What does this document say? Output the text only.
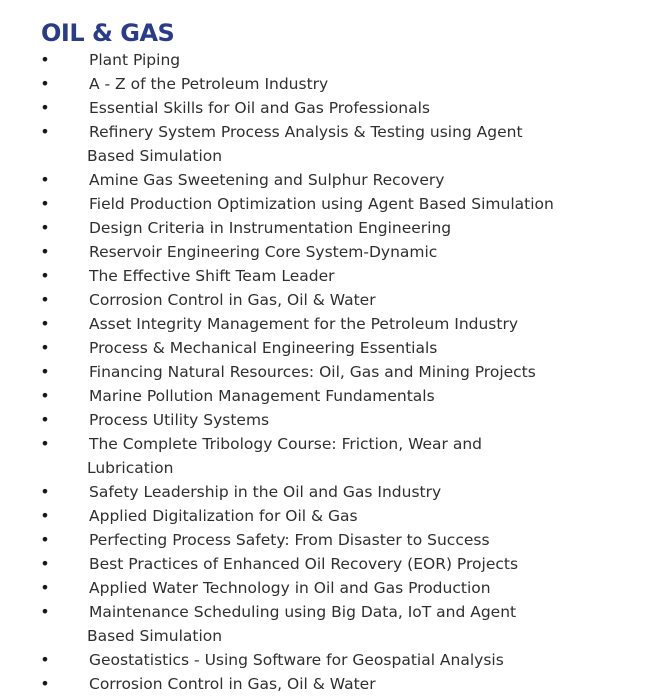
OIL & GAS
•	Plant Piping
•	A - Z of the Petroleum Industry
•	Essential Skills for Oil and Gas Professionals
•	Refinery System Process Analysis & Testing using Agent Based Simulation
•	Amine Gas Sweetening and Sulphur Recovery
•	Field Production Optimization using Agent Based Simulation
•	Design Criteria in Instrumentation Engineering
•	Reservoir Engineering Core System-Dynamic
•	The Effective Shift Team Leader
•	Corrosion Control in Gas, Oil & Water
•	Asset Integrity Management for the Petroleum Industry
•	Process & Mechanical Engineering Essentials
•	Financing Natural Resources: Oil, Gas and Mining Projects
•	Marine Pollution Management Fundamentals
•	Process Utility Systems
•	The Complete Tribology Course: Friction, Wear and Lubrication
•	Safety Leadership in the Oil and Gas Industry
•	Applied Digitalization for Oil & Gas
•	Perfecting Process Safety: From Disaster to Success
•	Best Practices of Enhanced Oil Recovery (EOR) Projects
•	Applied Water Technology in Oil and Gas Production
•	Maintenance Scheduling using Big Data, IoT and Agent Based Simulation
•	Geostatistics - Using Software for Geospatial Analysis
•	Corrosion Control in Gas, Oil & Water
